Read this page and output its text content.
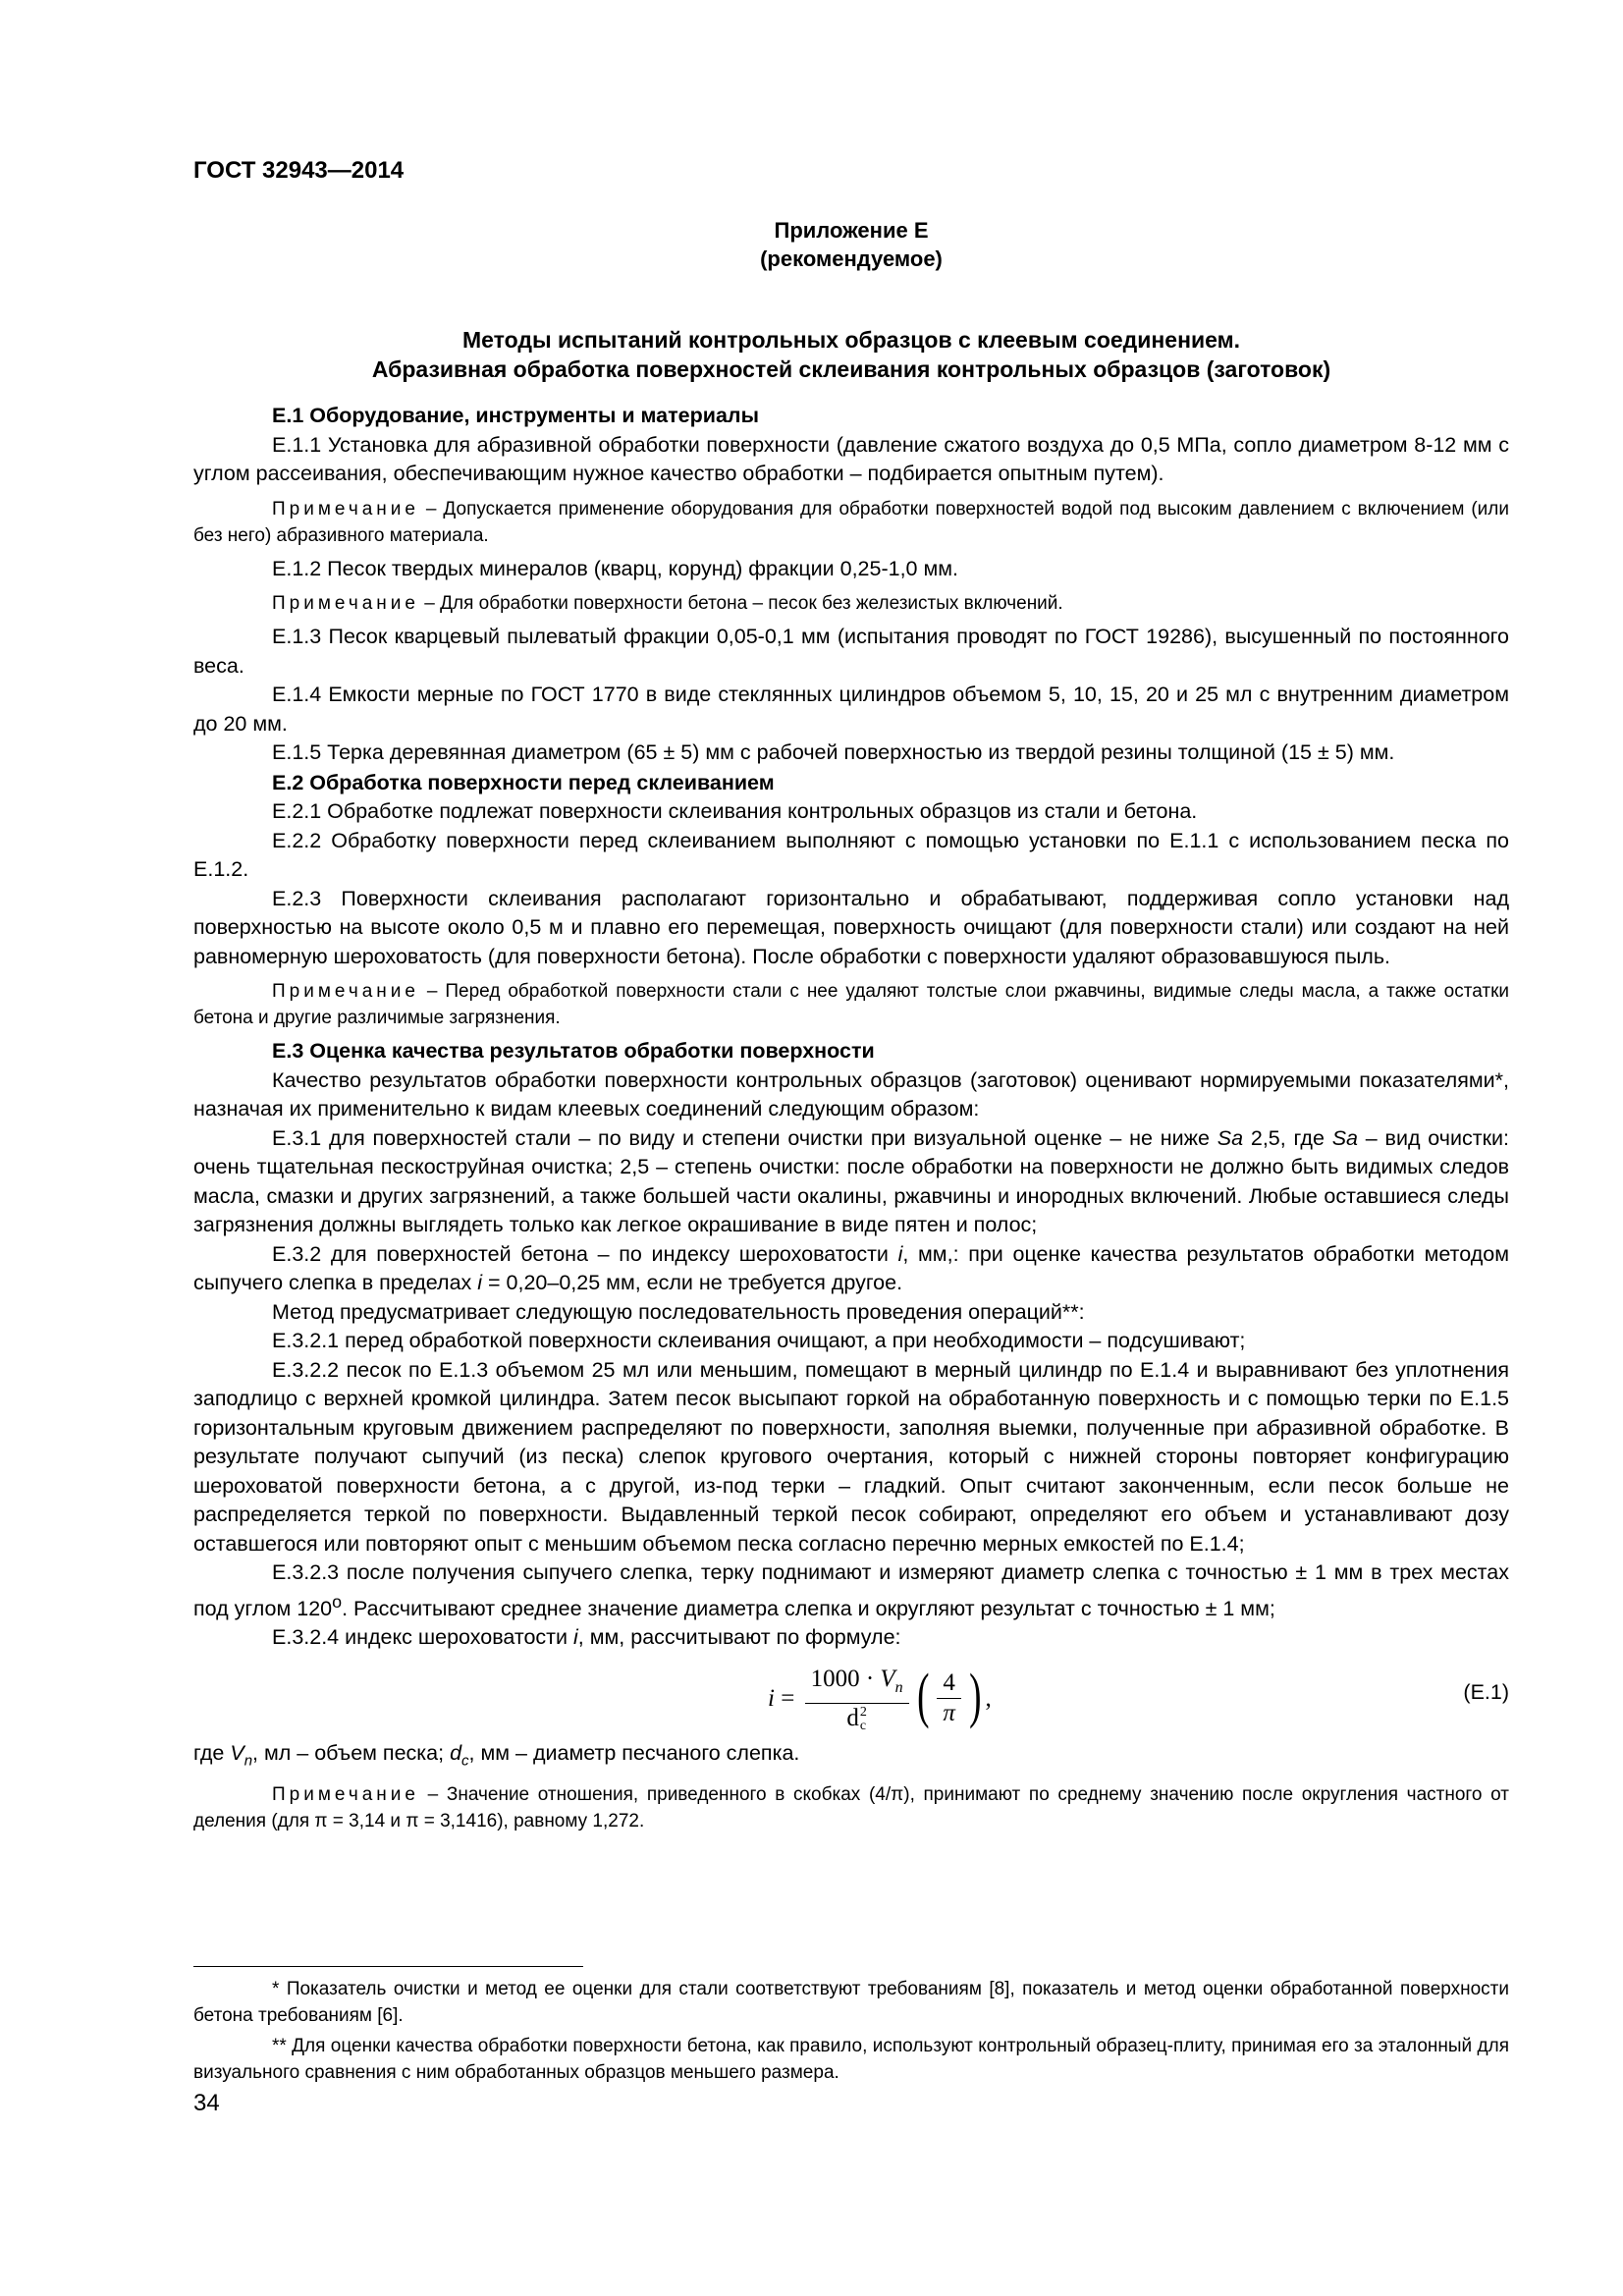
ГОСТ 32943—2014
Приложение Е
(рекомендуемое)
Методы испытаний контрольных образцов с клеевым соединением.
Абразивная обработка поверхностей склеивания контрольных образцов (заготовок)

Е.1 Оборудование, инструменты и материалы

Е.1.1 Установка для абразивной обработки поверхности (давление сжатого воздуха до 0,5 МПа, сопло диаметром 8-12 мм с углом рассеивания, обеспечивающим нужное качество обработки – подбирается опытным путем).

Примечание – Допускается применение оборудования для обработки поверхностей водой под высоким давлением с включением (или без него) абразивного материала.

Е.1.2 Песок твердых минералов (кварц, корунд) фракции 0,25-1,0 мм.

Примечание – Для обработки поверхности бетона – песок без железистых включений.

Е.1.3 Песок кварцевый пылеватый фракции 0,05-0,1 мм (испытания проводят по ГОСТ 19286), высушенный по постоянного веса.

Е.1.4 Емкости мерные по ГОСТ 1770 в виде стеклянных цилиндров объемом 5, 10, 15, 20 и 25 мл с внутренним диаметром до 20 мм.

Е.1.5 Терка деревянная диаметром (65 ± 5) мм с рабочей поверхностью из твердой резины толщиной (15 ± 5) мм.

Е.2 Обработка поверхности перед склеиванием

Е.2.1 Обработке подлежат поверхности склеивания контрольных образцов из стали и бетона.

Е.2.2 Обработку поверхности перед склеиванием выполняют с помощью установки по Е.1.1 с использованием песка по Е.1.2.

Е.2.3 Поверхности склеивания располагают горизонтально и обрабатывают, поддерживая сопло установки над поверхностью на высоте около 0,5 м и плавно его перемещая, поверхность очищают (для поверхности стали) или создают на ней равномерную шероховатость (для поверхности бетона). После обработки с поверхности удаляют образовавшуюся пыль.

Примечание – Перед обработкой поверхности стали с нее удаляют толстые слои ржавчины, видимые следы масла, а также остатки бетона и другие различимые загрязнения.

Е.3 Оценка качества результатов обработки поверхности

Качество результатов обработки поверхности контрольных образцов (заготовок) оценивают нормируемыми показателями*, назначая их применительно к видам клеевых соединений следующим образом:

Е.3.1 для поверхностей стали – по виду и степени очистки при визуальной оценке – не ниже Sa 2,5, где Sa – вид очистки: очень тщательная пескоструйная очистка; 2,5 – степень очистки: после обработки на поверхности не должно быть видимых следов масла, смазки и других загрязнений, а также большей части окалины, ржавчины и инородных включений. Любые оставшиеся следы загрязнения должны выглядеть только как легкое окрашивание в виде пятен и полос;

Е.3.2 для поверхностей бетона – по индексу шероховатости i, мм,: при оценке качества результатов обработки методом сыпучего слепка в пределах i = 0,20–0,25 мм, если не требуется другое.

Метод предусматривает следующую последовательность проведения операций**:

Е.3.2.1 перед обработкой поверхности склеивания очищают, а при необходимости – подсушивают;

Е.3.2.2 песок по Е.1.3 объемом 25 мл или меньшим, помещают в мерный цилиндр по Е.1.4 и выравнивают без уплотнения заподлицо с верхней кромкой цилиндра. Затем песок высыпают горкой на обработанную поверхность и с помощью терки по Е.1.5 горизонтальным круговым движением распределяют по поверхности, заполняя выемки, полученные при абразивной обработке. В результате получают сыпучий (из песка) слепок кругового очертания, который с нижней стороны повторяет конфигурацию шероховатой поверхности бетона, а с другой, из-под терки – гладкий. Опыт считают законченным, если песок больше не распределяется теркой по поверхности. Выдавленный теркой песок собирают, определяют его объем и устанавливают дозу оставшегося или повторяют опыт с меньшим объемом песка согласно перечню мерных емкостей по Е.1.4;

Е.3.2.3 после получения сыпучего слепка, терку поднимают и измеряют диаметр слепка с точностью ± 1 мм в трех местах под углом 120$^o$. Рассчитывают среднее значение диаметра слепка и округляют результат с точностью ± 1 мм;

Е.3.2.4 индекс шероховатости i, мм, рассчитывают по формуле:

$i = 1000 \cdot V_n$
d 2
c ( $\frac{4}{\pi}$ ) ,	(Е.1)

где $V_n$, мл – объем песка; $d_c$, мм – диаметр песчаного слепка.

Примечание – Значение отношения, приведенного в скобках (4/π), принимают по среднему значению после округления частного от деления (для π = 3,14 и π = 3,1416), равному 1,272.

* Показатель очистки и метод ее оценки для стали соответствуют требованиям [8], показатель и метод оценки обработанной поверхности бетона требованиям [6].

** Для оценки качества обработки поверхности бетона, как правило, используют контрольный образец-плиту, принимая его за эталонный для визуального сравнения с ним обработанных образцов меньшего размера.

34
